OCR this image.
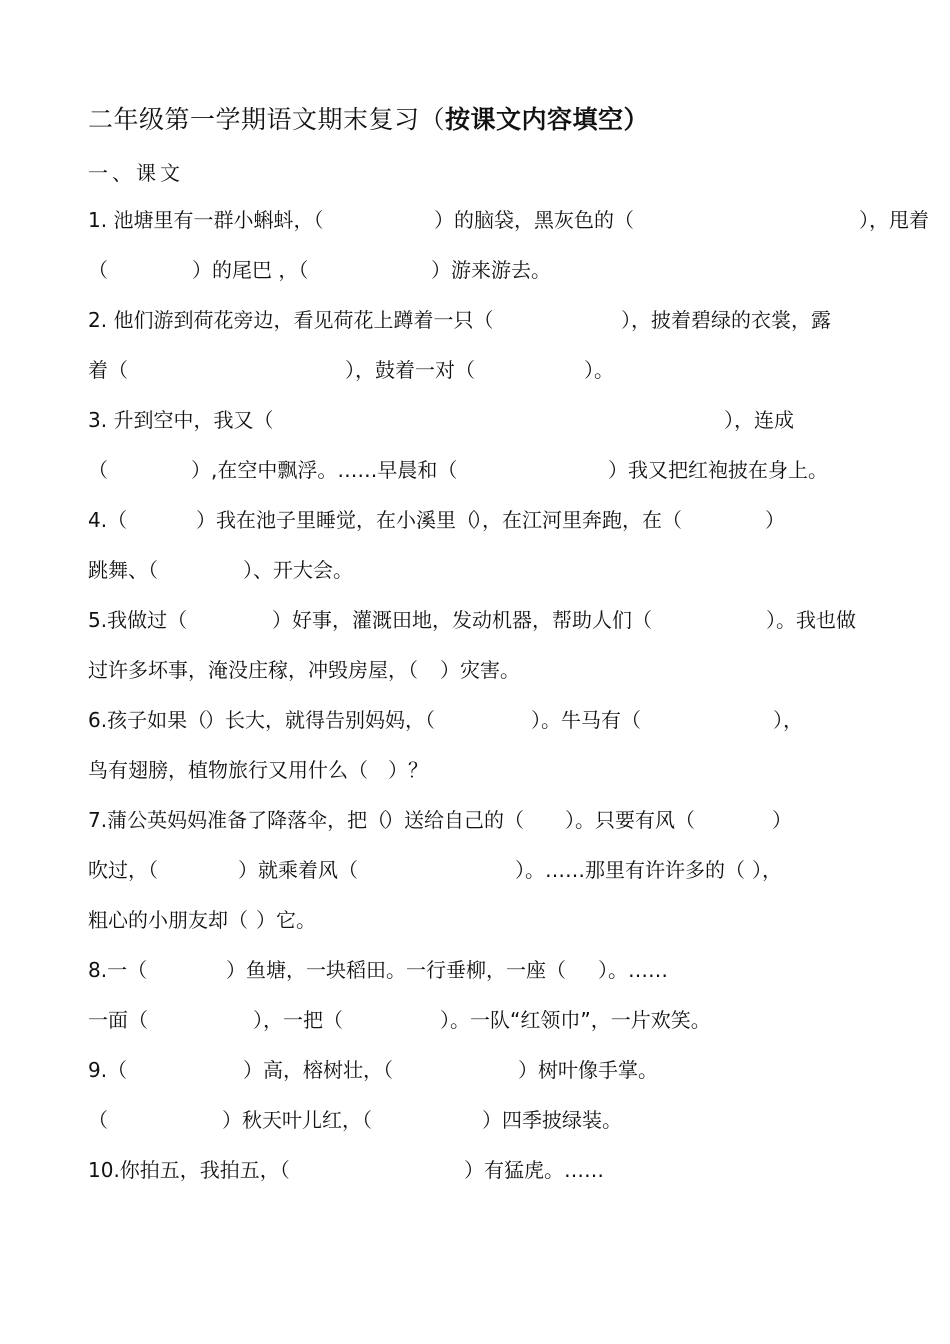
二年级第一学期语文期末复习（按课文内容填空）
一、课文
1. 池塘里有一群小蝌蚪，（	）的脑袋，黑灰色的（	），甩着
（	）的尾巴 ，（	）游来游去。
2. 他们游到荷花旁边，看见荷花上蹲着一只（	），披着碧绿的衣裳，露
着（	），鼓着一对（	）。
3. 升到空中，我又（	），连成
（	）,在空中飘浮。……早晨和（	）我又把红袍披在身上。
4.（	）我在池子里睡觉，在小溪里（
），在江河里奔跑，在（	）
跳舞、（	）、开大会。
5.我做过（	）好事，灌溉田地，发动机器，帮助人们（	）。我也做
过许多坏事，淹没庄稼，冲毁房屋，（ ）灾害。
6.孩子如果（
）长大，就得告别妈妈，（	）。牛马有（	），
鸟有翅膀，植物旅行又用什么（ ）？
7.蒲公英妈妈准备了降落伞，把（
）送给自己的（ ）。只要有风（	）
吹过，（	）就乘着风（	）。……那里有许许多的（ ），
粗心的小朋友却（ ）它。
8.一（	）鱼塘，一块稻田。一行垂柳，一座（ ）。……
一面（	），一把（	）。一队“红领巾”，一片欢笑。
9.（	）高，榕树壮，（	）树叶像手掌。
（	）秋天叶儿红，（	）四季披绿装。
10.你拍五，我拍五，（	）有猛虎。……
